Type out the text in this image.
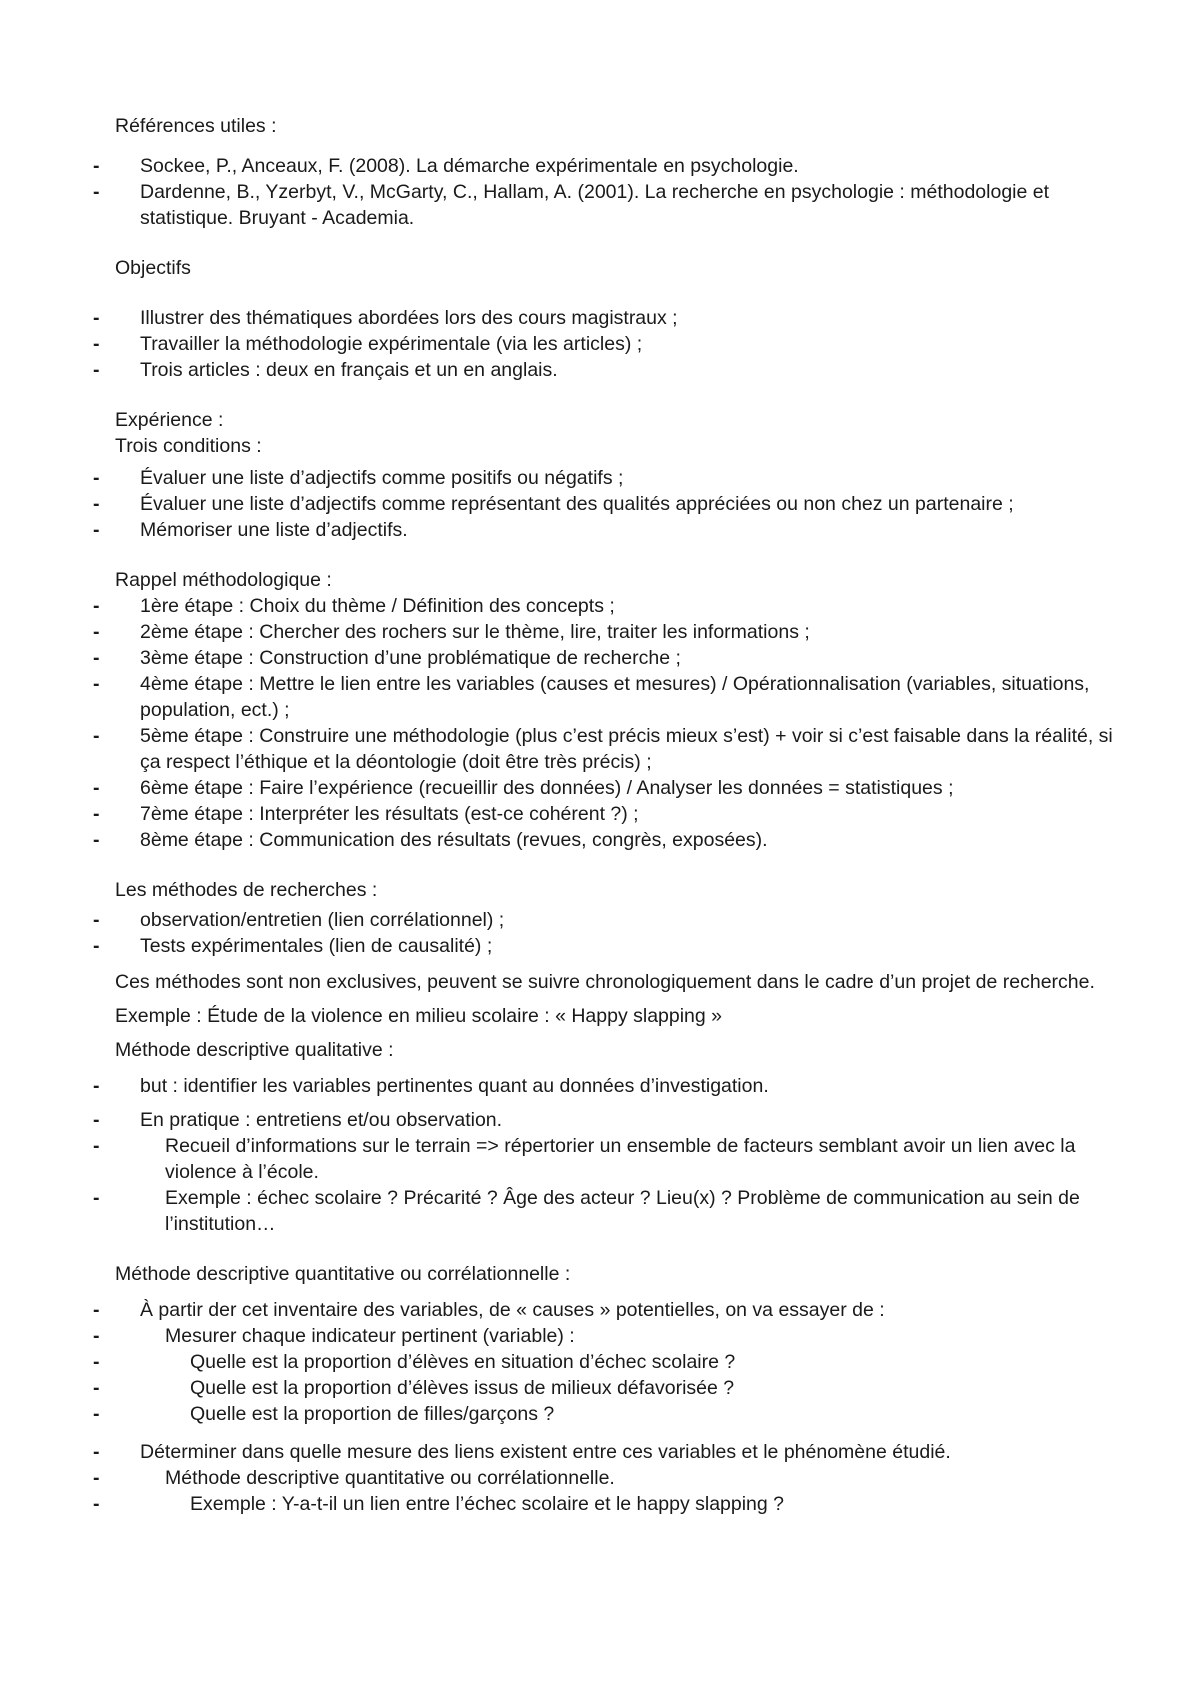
Références utiles :

- Sockee, P., Anceaux, F. (2008). La démarche expérimentale en psychologie.
- Dardenne, B., Yzerbyt, V., McGarty, C., Hallam, A. (2001). La recherche en psychologie : méthodologie et statistique. Bruyant - Academia.

Objectifs

- Illustrer des thématiques abordées lors des cours magistraux ;
- Travailler la méthodologie expérimentale (via les articles) ;
- Trois articles : deux en français et un en anglais.

Expérience :

Trois conditions :

- Évaluer une liste d’adjectifs comme positifs ou négatifs ;
- Évaluer une liste d’adjectifs comme représentant des qualités appréciées ou non chez un partenaire ;
- Mémoriser une liste d’adjectifs.

Rappel méthodologique :

- 1ère étape : Choix du thème / Définition des concepts ;
- 2ème étape : Chercher des rochers sur le thème, lire, traiter les informations ;
- 3ème étape : Construction d’une problématique de recherche ;
- 4ème étape : Mettre le lien entre les variables (causes et mesures) / Opérationnalisation (variables, situations, population, ect.) ;
- 5ème étape : Construire une méthodologie (plus c’est précis mieux s’est) + voir si c’est faisable dans la réalité, si ça respect l’éthique et la déontologie (doit être très précis) ;
- 6ème étape : Faire l’expérience (recueillir des données) / Analyser les données = statistiques ;
- 7ème étape : Interpréter les résultats (est-ce cohérent ?) ;
- 8ème étape : Communication des résultats (revues, congrès, exposées).

Les méthodes de recherches :

- observation/entretien (lien corrélationnel) ;
- Tests expérimentales (lien de causalité) ;

Ces méthodes sont non exclusives, peuvent se suivre chronologiquement dans le cadre d’un projet de recherche.

Exemple : Étude de la violence en milieu scolaire : « Happy slapping »

Méthode descriptive qualitative :

- but : identifier les variables pertinentes quant au données d’investigation.
- En pratique : entretiens et/ou observation.
- Recueil d’informations sur le terrain => répertorier un ensemble de facteurs semblant avoir un lien avec la violence à l’école.
- Exemple : échec scolaire ? Précarité ? Âge des acteur ? Lieu(x) ? Problème de communication au sein de l’institution…

Méthode descriptive quantitative ou corrélationnelle :

- À partir der cet inventaire des variables, de « causes » potentielles, on va essayer de :
- Mesurer chaque indicateur pertinent (variable) :
- Quelle est la proportion d’élèves en situation d’échec scolaire ?
- Quelle est la proportion d’élèves issus de milieux défavorisée ?
- Quelle est la proportion de filles/garçons ?
- Déterminer dans quelle mesure des liens existent entre ces variables et le phénomène étudié.
- Méthode descriptive quantitative ou corrélationnelle.
- Exemple : Y-a-t-il un lien entre l’échec scolaire et le happy slapping ?
